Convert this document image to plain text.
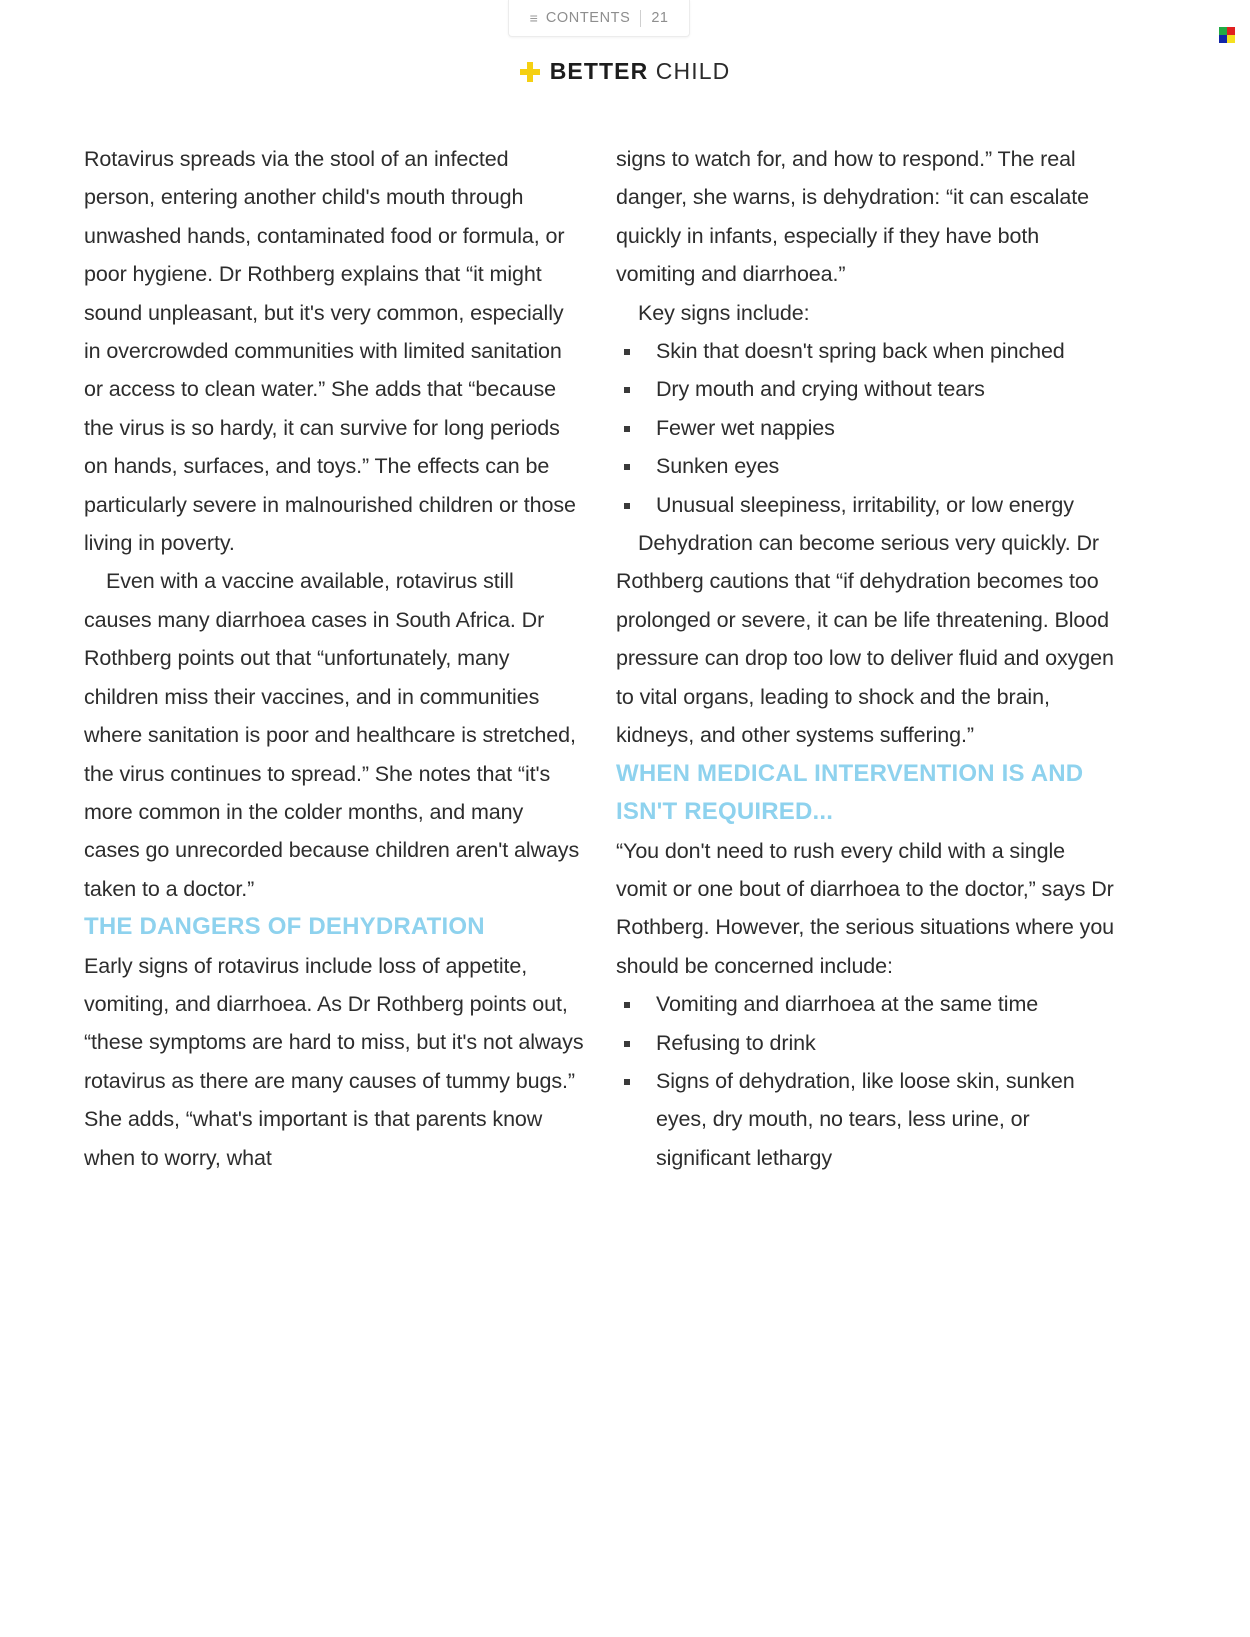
≡ CONTENTS 21
BETTER CHILD

Rotavirus spreads via the stool of an infected person, entering another child's mouth through unwashed hands, contaminated food or formula, or poor hygiene. Dr Rothberg explains that “it might sound unpleasant, but it's very common, especially in overcrowded communities with limited sanitation or access to clean water.” She adds that “because the virus is so hardy, it can survive for long periods on hands, surfaces, and toys.” The effects can be particularly severe in malnourished children or those living in poverty.

Even with a vaccine available, rotavirus still causes many diarrhoea cases in South Africa. Dr Rothberg points out that “unfortunately, many children miss their vaccines, and in communities where sanitation is poor and healthcare is stretched, the virus continues to spread.” She notes that “it's more common in the colder months, and many cases go unrecorded because children aren't always taken to a doctor.”

THE DANGERS OF DEHYDRATION

Early signs of rotavirus include loss of appetite, vomiting, and diarrhoea. As Dr Rothberg points out, “these symptoms are hard to miss, but it's not always rotavirus as there are many causes of tummy bugs.” She adds, “what's important is that parents know when to worry, what

signs to watch for, and how to respond.” The real danger, she warns, is dehydration: “it can escalate quickly in infants, especially if they have both vomiting and diarrhoea.”

Key signs include:

Skin that doesn't spring back when pinched
Dry mouth and crying without tears
Fewer wet nappies
Sunken eyes
Unusual sleepiness, irritability, or low energy

Dehydration can become serious very quickly. Dr Rothberg cautions that “if dehydration becomes too prolonged or severe, it can be life threatening. Blood pressure can drop too low to deliver fluid and oxygen to vital organs, leading to shock and the brain, kidneys, and other systems suffering.”

WHEN MEDICAL INTERVENTION IS AND ISN'T REQUIRED...

“You don't need to rush every child with a single vomit or one bout of diarrhoea to the doctor,” says Dr Rothberg. However, the serious situations where you should be concerned include:

Vomiting and diarrhoea at the same time
Refusing to drink
Signs of dehydration, like loose skin, sunken eyes, dry mouth, no tears, less urine, or significant lethargy
